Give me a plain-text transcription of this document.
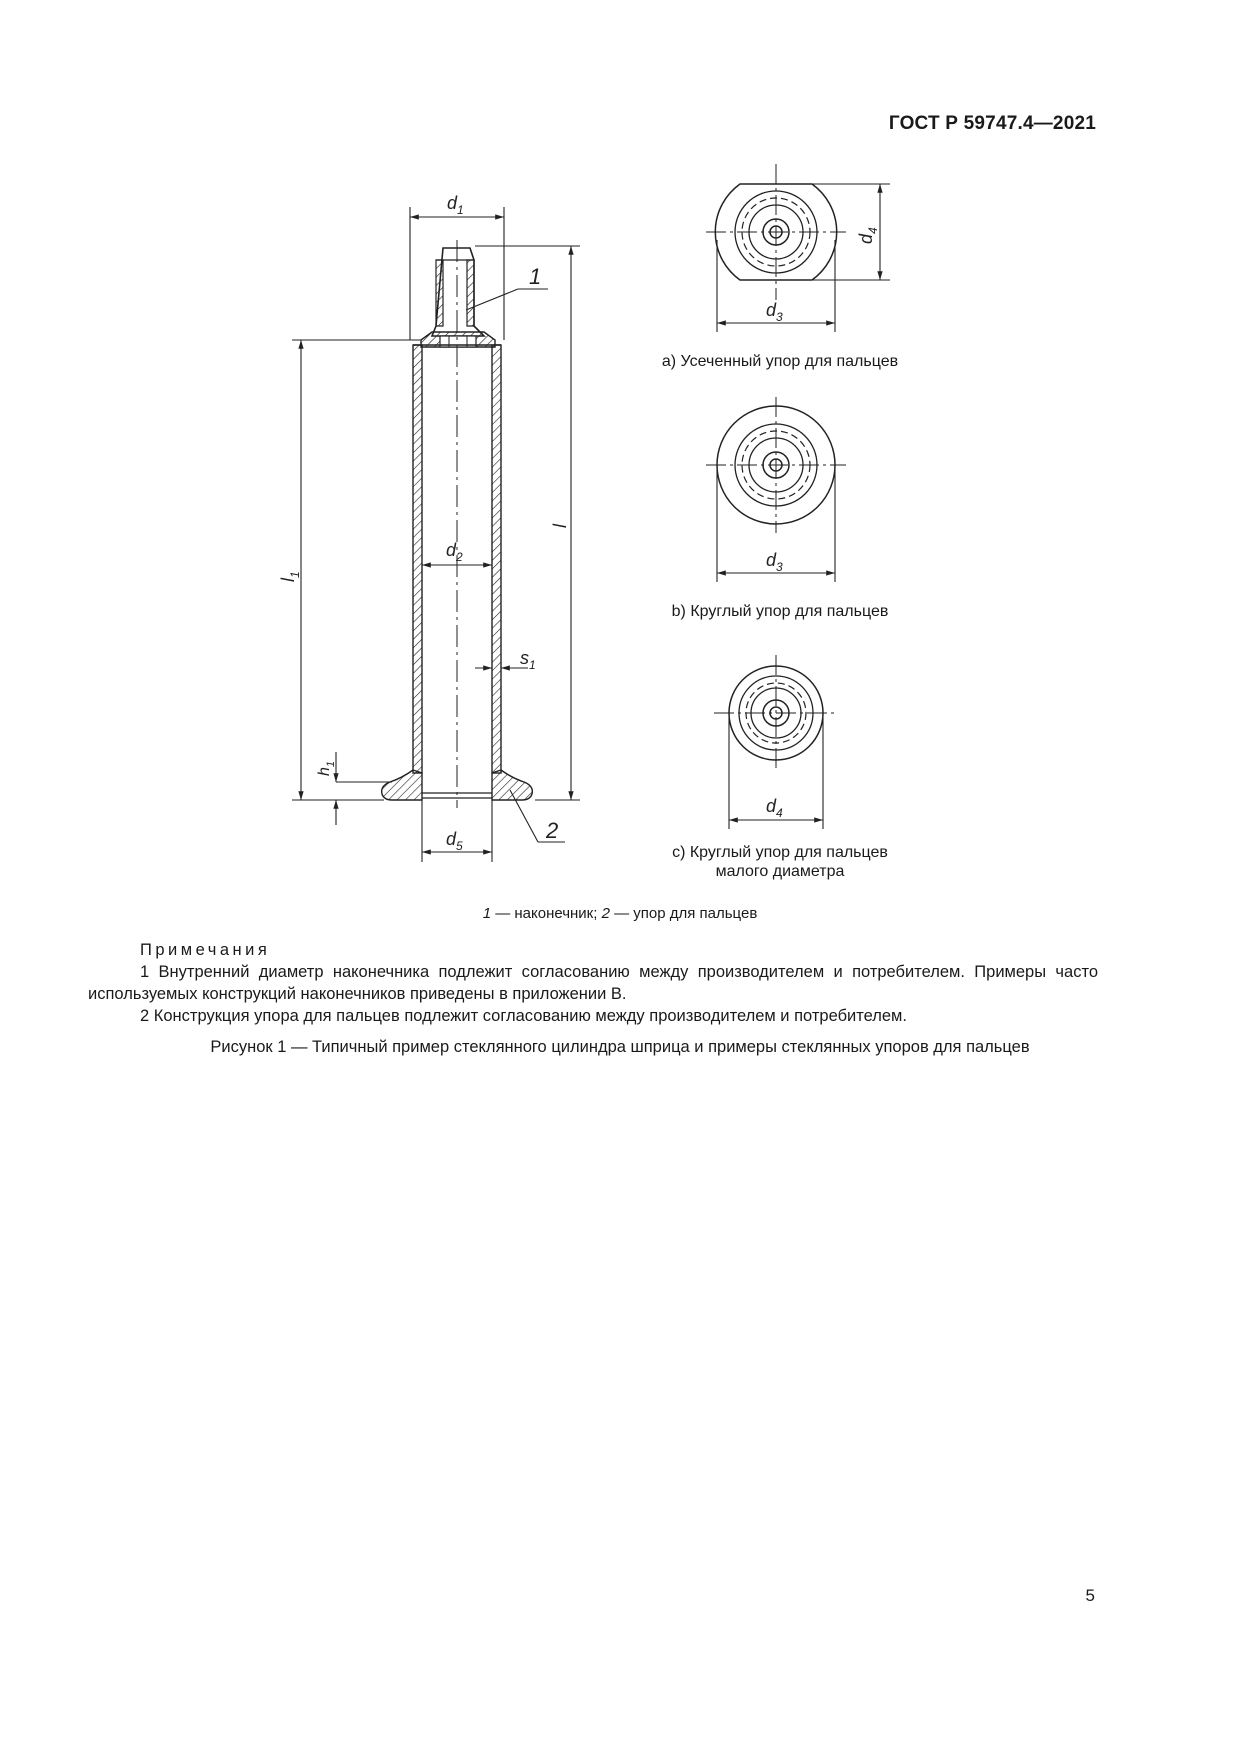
ГОСТ Р 59747.4—2021
$d_1$
$d_2$
$d_5$
$s_1$
l
$l_1$
$h_1$
1
2
$d_3$
$d_4$
$d_3$
$d_4$
a) Усеченный упор для пальцев
b) Круглый упор для пальцев
c) Круглый упор для пальцев
малого диаметра
1 — наконечник; 2 — упор для пальцев
Примечания
1 Внутренний диаметр наконечника подлежит согласованию между производителем и потребителем. Примеры часто используемых конструкций наконечников приведены в приложении В.
2 Конструкция упора для пальцев подлежит согласованию между производителем и потребителем.
Рисунок 1 — Типичный пример стеклянного цилиндра шприца и примеры стеклянных упоров для пальцев
5
